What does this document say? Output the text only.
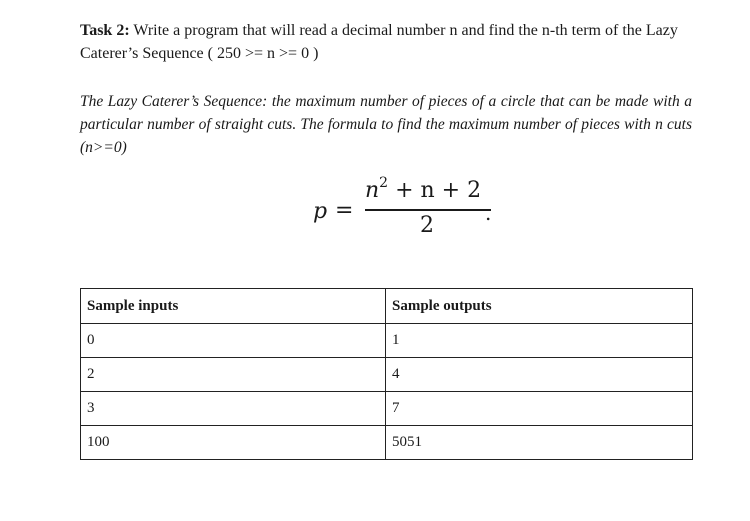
Task 2: Write a program that will read a decimal number n and find the n-th term of the Lazy Caterer’s Sequence ( 250 >= n >= 0 )
The Lazy Caterer’s Sequence: the maximum number of pieces of a circle that can be made with a particular number of straight cuts. The formula to find the maximum number of pieces with n cuts (n>=0)
p =
$n^2 + n + 2$
2	.
Sample inputs	Sample outputs
0	1
2	4
3	7
100	5051
